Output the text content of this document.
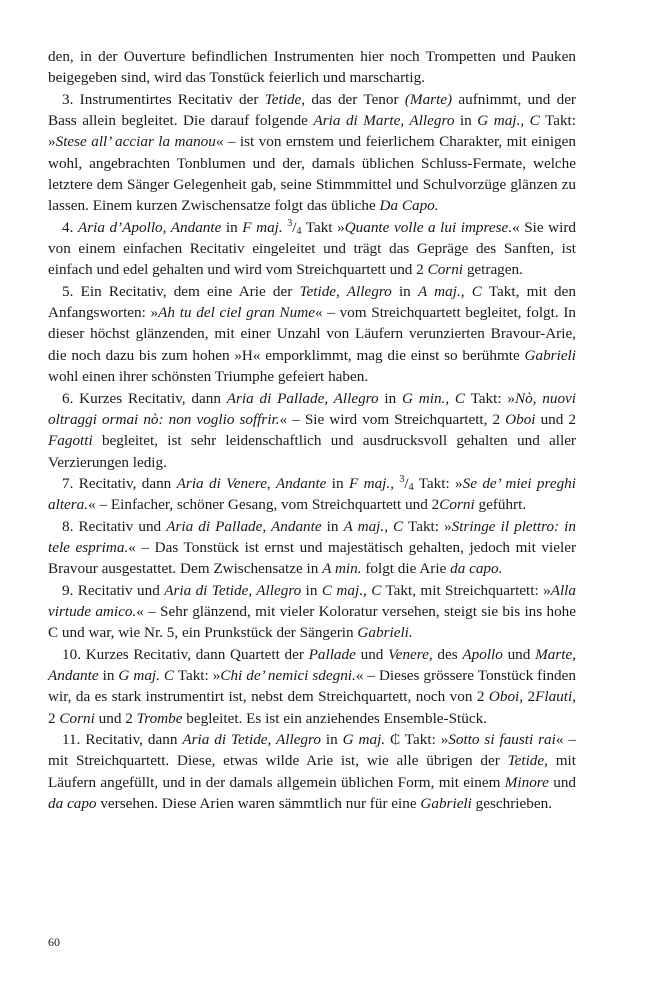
den, in der Ouverture befindlichen Instrumenten hier noch Trompetten und Pauken beigegeben sind, wird das Tonstück feierlich und marschartig.

3. Instrumentirtes Recitativ der Tetide, das der Tenor (Marte) aufnimmt, und der Bass allein begleitet. Die darauf folgende Aria di Marte, Allegro in G maj., C Takt: »Stese all’ acciar la manou« – ist von ernstem und feierlichem Charakter, mit einigen wohl, angebrachten Tonblumen und der, damals üblichen Schluss-Fermate, welche letztere dem Sänger Gelegenheit gab, seine Stimmmittel und Schulvorzüge glänzen zu lassen. Einem kurzen Zwischensatze folgt das übliche Da Capo.

4. Aria d’Apollo, Andante in F maj. $^3/_4$ Takt »Quante volle a lui imprese.« Sie wird von einem einfachen Recitativ eingeleitet und trägt das Gepräge des Sanften, ist einfach und edel gehalten und wird vom Streichquartett und 2 Corni getragen.

5. Ein Recitativ, dem eine Arie der Tetide, Allegro in A maj., C Takt, mit den Anfangsworten: »Ah tu del ciel gran Nume« – vom Streichquartett begleitet, folgt. In dieser höchst glänzenden, mit einer Unzahl von Läufern verunzierten Bravour-Arie, die noch dazu bis zum hohen »H« emporklimmt, mag die einst so berühmte Gabrieli wohl einen ihrer schönsten Triumphe gefeiert haben.

6. Kurzes Recitativ, dann Aria di Pallade, Allegro in G min., C Takt: »Nò, nuovi oltraggi ormai nò: non voglio soffrir.« – Sie wird vom Streichquartett, 2 Oboi und 2 Fagotti begleitet, ist sehr leidenschaftlich und ausdrucksvoll gehalten und aller Verzierungen ledig.

7. Recitativ, dann Aria di Venere, Andante in F maj., $^3/_4$ Takt: »Se de’ miei preghi altera.« – Einfacher, schöner Gesang, vom Streichquartett und 2Corni geführt.

8. Recitativ und Aria di Pallade, Andante in A maj., C Takt: »Stringe il plettro: in tele esprima.« – Das Tonstück ist ernst und majestätisch gehalten, jedoch mit vieler Bravour ausgestattet. Dem Zwischensatze in A min. folgt die Arie da capo.

9. Recitativ und Aria di Tetide, Allegro in C maj., C Takt, mit Streichquartett: »Alla virtude amico.« – Sehr glänzend, mit vieler Koloratur versehen, steigt sie bis ins hohe C und war, wie Nr. 5, ein Prunkstück der Sängerin Gabrieli.

10. Kurzes Recitativ, dann Quartett der Pallade und Venere, des Apollo und Marte, Andante in G maj. C Takt: »Chi de’ nemici sdegni.« – Dieses grössere Tonstück finden wir, da es stark instrumentirt ist, nebst dem Streichquartett, noch von 2 Oboi, 2Flauti, 2 Corni und 2 Trombe begleitet. Es ist ein anziehendes Ensemble-Stück.

11. Recitativ, dann Aria di Tetide, Allegro in G maj. ₵ Takt: »Sotto si fausti rai« – mit Streichquartett. Diese, etwas wilde Arie ist, wie alle übrigen der Tetide, mit Läufern angefüllt, und in der damals allgemein üblichen Form, mit einem Minore und da capo versehen. Diese Arien waren sämmtlich nur für eine Gabrieli geschrieben.

60
